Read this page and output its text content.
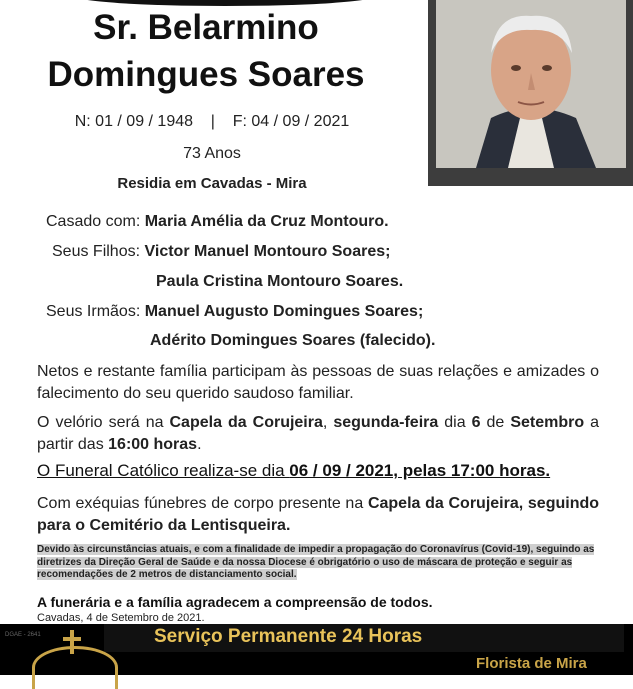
Sr. Belarmino
Domingues Soares
N: 01 / 09 / 1948    |    F: 04 / 09 / 2021
73 Anos
Residia em Cavadas - Mira
Casado com: Maria Amélia da Cruz Montouro.
Seus Filhos: Victor Manuel Montouro Soares;
Paula Cristina Montouro Soares.
Seus Irmãos: Manuel Augusto Domingues Soares;
Adérito Domingues Soares (falecido).
Netos e restante família participam às pessoas de suas relações e amizades o falecimento do seu querido saudoso familiar.
O velório será na Capela da Corujeira, segunda-feira dia 6 de Setembro a partir das 16:00 horas.
O Funeral Católico realiza-se dia 06 / 09 / 2021, pelas 17:00 horas.
Com exéquias fúnebres de corpo presente na Capela da Corujeira, seguindo para o Cemitério da Lentisqueira.
Devido às circunstâncias atuais, e com a finalidade de impedir a propagação do Coronavírus (Covid-19), seguindo as diretrizes da Direção Geral de Saúde e da nossa Diocese é obrigatório o uso de máscara de proteção e seguir as recomendações de 2 metros de distanciamento social.
A funerária e a família agradecem a compreensão de todos.
Cavadas, 4 de Setembro de 2021.
DGAE - 2641	Serviço Permanente 24 Horas
Florista de Mira
